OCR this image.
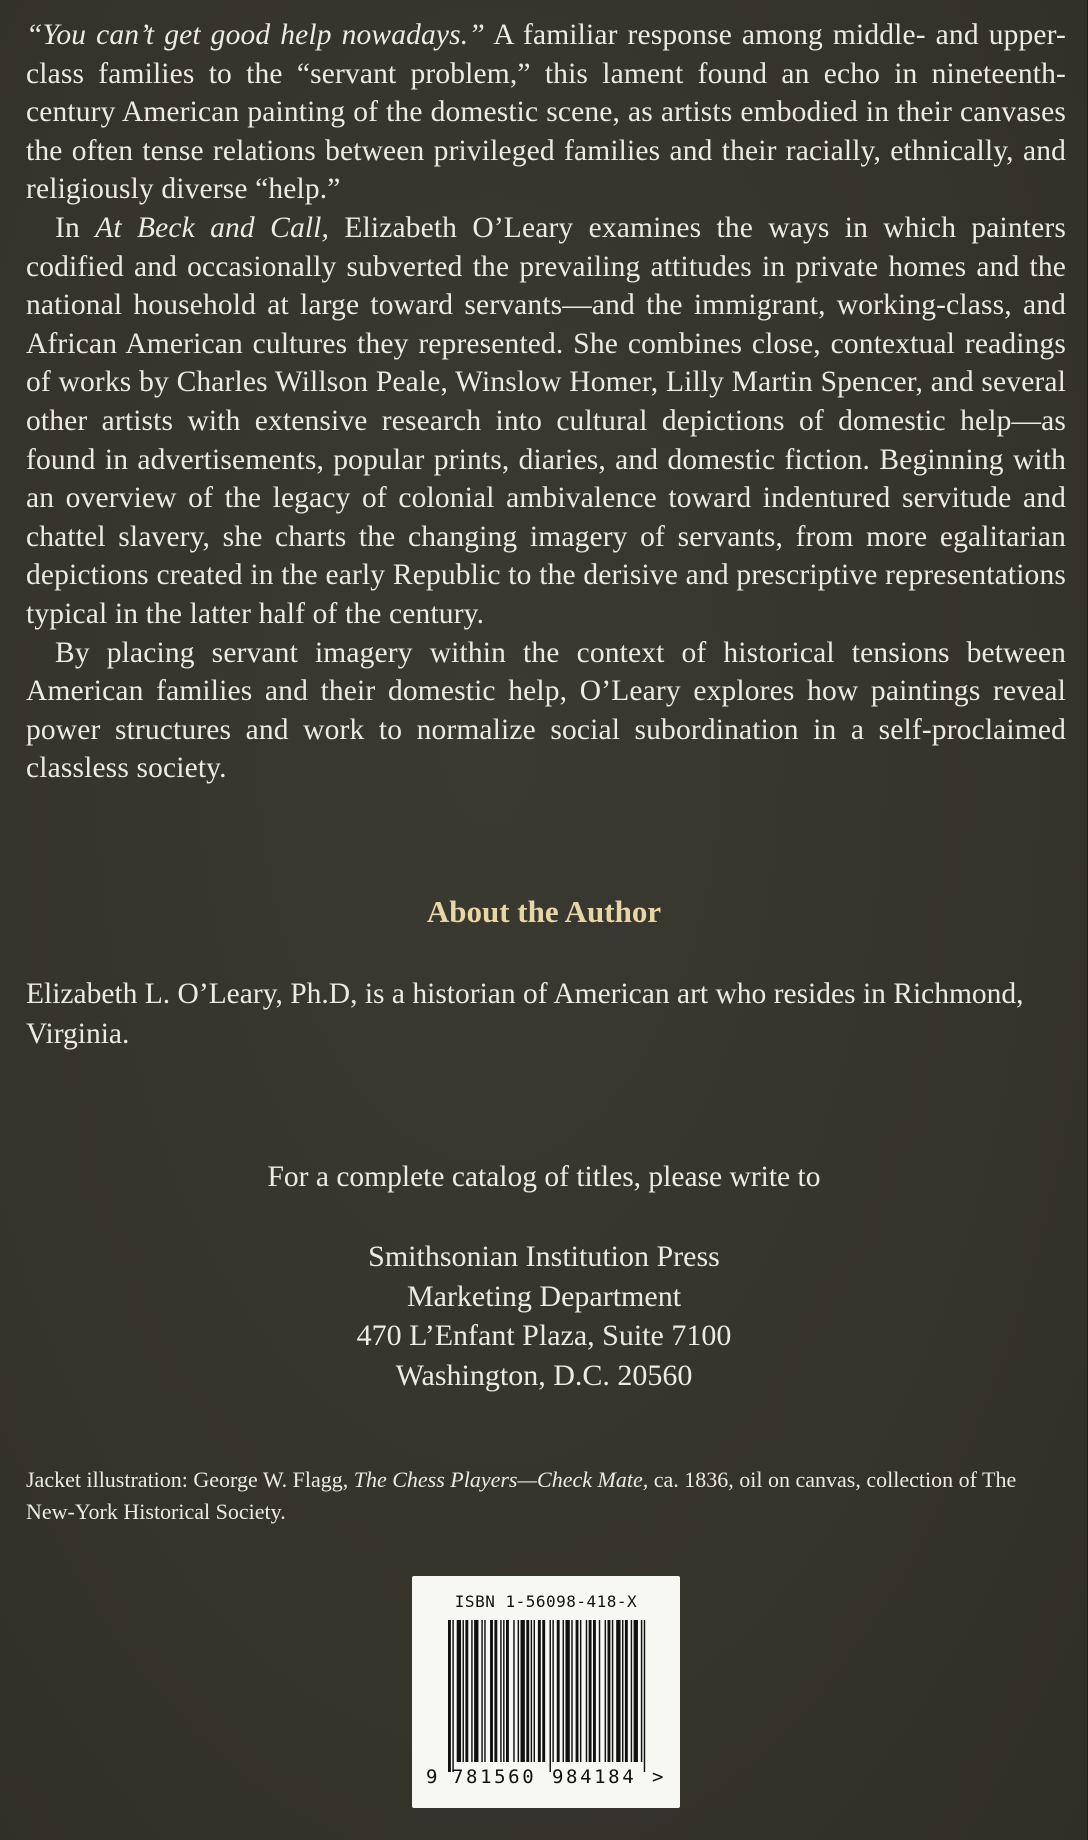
“You can’t get good help nowadays.” A familiar response among middle- and upper-class families to the “servant problem,” this lament found an echo in nineteenth-century American painting of the domestic scene, as artists embodied in their canvases the often tense relations between privileged families and their racially, ethnically, and religiously diverse “help.”

In At Beck and Call, Elizabeth O’Leary examines the ways in which painters codified and occasionally subverted the prevailing attitudes in private homes and the national household at large toward servants—and the immigrant, working-class, and African American cultures they represented. She combines close, contextual readings of works by Charles Willson Peale, Winslow Homer, Lilly Martin Spencer, and several other artists with extensive research into cultural depictions of domestic help—as found in advertisements, popular prints, diaries, and domestic fiction. Beginning with an overview of the legacy of colonial ambivalence toward indentured servitude and chattel slavery, she charts the changing imagery of servants, from more egalitarian depictions created in the early Republic to the derisive and prescriptive representations typical in the latter half of the century.

By placing servant imagery within the context of historical tensions between American families and their domestic help, O’Leary explores how paintings reveal power structures and work to normalize social subordination in a self-proclaimed classless society.

About the Author

Elizabeth L. O’Leary, Ph.D, is a historian of American art who resides in Richmond, Virginia.

For a complete catalog of titles, please write to

Smithsonian Institution Press
Marketing Department
470 L’Enfant Plaza, Suite 7100
Washington, D.C. 20560

Jacket illustration: George W. Flagg, The Chess Players—Check Mate, ca. 1836, oil on canvas, collection of The New-York Historical Society.

ISBN 1-56098-418-X
9 781560 984184 >
